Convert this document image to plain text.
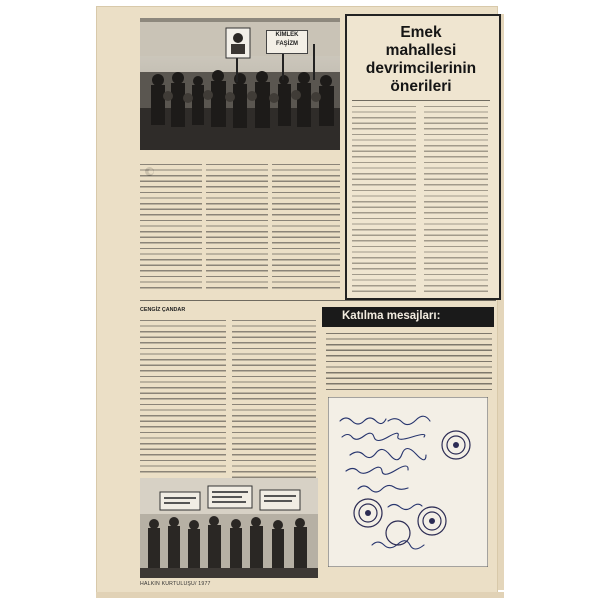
KİMLEK
FAŞİZM
Emek
mahallesi
devrimcilerinin
önerileri
CENGİZ ÇANDAR
HALKIN KURTULUŞU/ 1977
Katılma mesajları:
